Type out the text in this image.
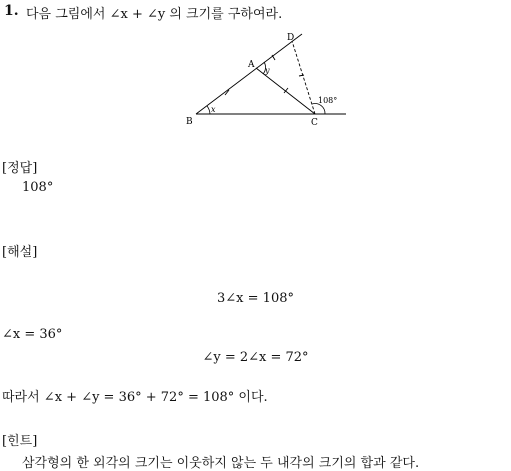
1. 다음 그림에서 ∠x + ∠y 의 크기를 구하여라.
D
A
B	C
x
y
108°
[정답]
108°
[해설]
3∠x = 108°
∠x = 36°
∠y = 2∠x = 72°
따라서 ∠x + ∠y = 36° + 72° = 108° 이다.
[힌트]
삼각형의 한 외각의 크기는 이웃하지 않는 두 내각의 크기의 합과 같다.
